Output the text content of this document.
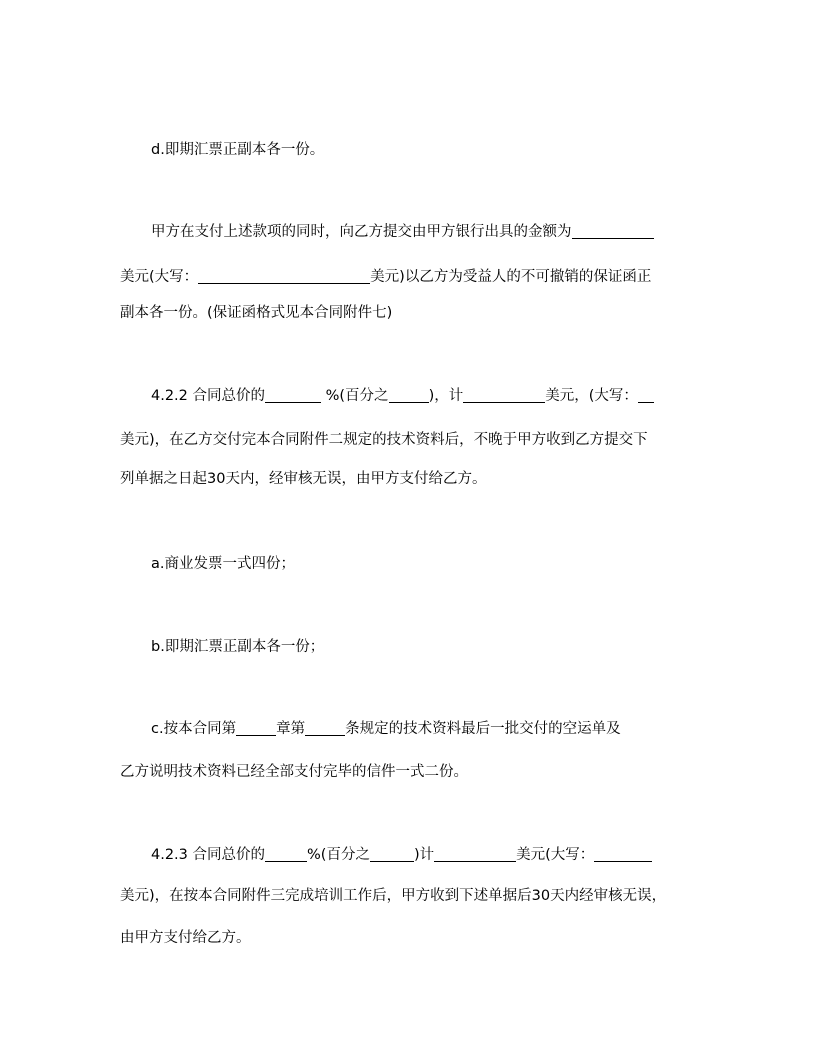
d.即期汇票正副本各一份。
甲方在支付上述款项的同时，向乙方提交由甲方银行出具的金额为
美元(大写：	美元)以乙方为受益人的不可撤销的保证函正
副本各一份。(保证函格式见本合同附件七)
4.2.2 合同总价的	%(百分之	)，计	美元，(大写：
美元)，在乙方交付完本合同附件二规定的技术资料后，不晚于甲方收到乙方提交下
列单据之日起30天内，经审核无误，由甲方支付给乙方。
a.商业发票一式四份；
b.即期汇票正副本各一份；
c.按本合同第	章第	条规定的技术资料最后一批交付的空运单及
乙方说明技术资料已经全部支付完毕的信件一式二份。
4.2.3 合同总价的	%(百分之	)计	美元(大写：
美元)，在按本合同附件三完成培训工作后，甲方收到下述单据后30天内经审核无误，
由甲方支付给乙方。
